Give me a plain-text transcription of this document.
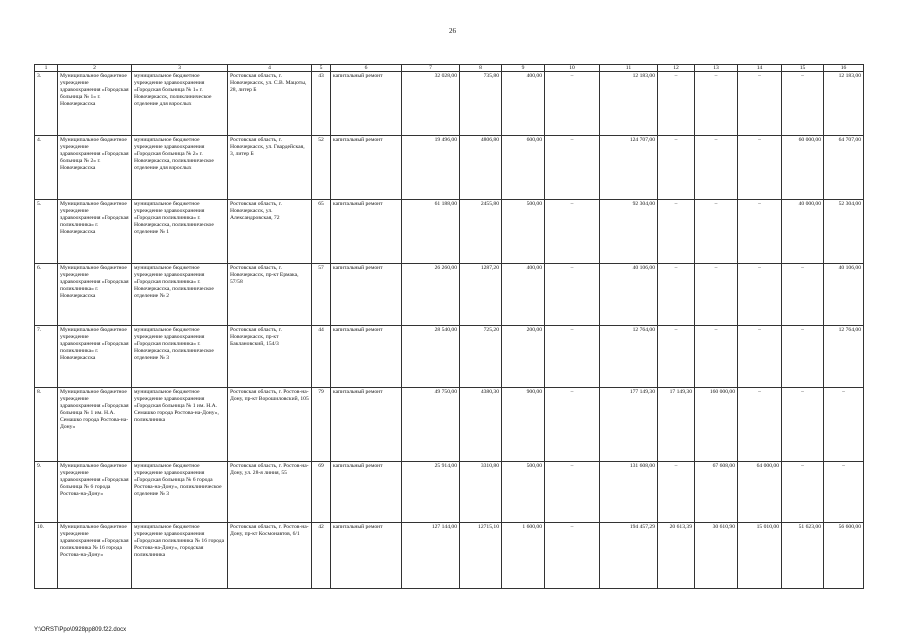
26
1	2	3	4	5	6	7	8	9	10	11	12	13	14	15	16
3.	Муниципальное бюджетное учреждение здравоохранения «Городская больница № 1» г. Новочеркасска	муниципальное бюджетное учреждение здравоохранения «Городская больница № 1» г. Новочеркасск, поликлиническое отделение для взрослых	Ростовская область, г. Новочеркасск, ул. С.В. Мацоты, 28, литер Б	43	капитальный ремонт	32 028,00	735,80	400,00	–	12 183,00	–	–	–	–	12 183,00
4.	Муниципальное бюджетное учреждение здравоохранения «Городская больница № 2» г. Новочеркасска	муниципальное бюджетное учреждение здравоохранения «Городская больница № 2» г. Новочеркасска, поликлиническое отделение для взрослых	Ростовская область, г. Новочеркасск, ул. Гвардейская, 3, литер Б	52	капитальный ремонт	19 496,00	4806,80	600,00	–	124 707,00	–	–	–	60 000,00	64 707,00
5.	Муниципальное бюджетное учреждение здравоохранения «Городская поликлиника» г. Новочеркасска	муниципальное бюджетное учреждение здравоохранения «Городская поликлиника» г. Новочеркасска, поликлиническое отделение № 1	Ростовская область, г. Новочеркасск, ул. Александровская, 72	65	капитальный ремонт	61 188,00	2455,80	500,00	–	92 304,00	–	–	–	40 000,00	52 304,00
6.	Муниципальное бюджетное учреждение здравоохранения «Городская поликлиника» г. Новочеркасска	муниципальное бюджетное учреждение здравоохранения «Городская поликлиника» г. Новочеркасска, поликлиническое отделение № 2	Ростовская область, г. Новочеркасск, пр-кт Ермака, 57/58	57	капитальный ремонт	26 260,00	1287,20	400,00	–	40 106,00	–	–	–	–	40 106,00
7.	Муниципальное бюджетное учреждение здравоохранения «Городская поликлиника» г. Новочеркасска	муниципальное бюджетное учреждение здравоохранения «Городская поликлиника» г. Новочеркасска, поликлиническое отделение № 3	Ростовская область, г. Новочеркасск, пр-кт Баклановский, 154/3	44	капитальный ремонт	28 540,00	725,20	200,00	–	12 764,00	–	–	–	–	12 764,00
8.	Муниципальное бюджетное учреждение здравоохранения «Городская больница № 1 им. Н.А. Семашко города Ростова-на-Дону»	муниципальное бюджетное учреждение здравоохранения «Городская больница № 1 им. Н.А. Семашко города Ростова-на-Дону», поликлиника	Ростовская область, г. Ростов-на-Дону, пр-кт Ворошиловский, 105	79	капитальный ремонт	49 750,00	4380,30	900,00	–	177 149,30	17 149,30	160 000,00	–	–	–
9.	Муниципальное бюджетное учреждение здравоохранения «Городская больница № 6 города Ростова-на-Дону»	муниципальное бюджетное учреждение здравоохранения «Городская больница № 6 города Ростова-на-Дону», поликлиническое отделение № 3	Ростовская область, г. Ростов-на-Дону, ул. 28-я линия, 55	69	капитальный ремонт	25 914,00	3310,80	500,00	–	131 608,00	–	67 608,00	64 000,00	–	–
10.	Муниципальное бюджетное учреждение здравоохранения «Городская поликлиника № 16 города Ростова-на-Дону»	муниципальное бюджетное учреждение здравоохранения «Городская поликлиника № 16 города Ростова-на-Дону», городская поликлиника	Ростовская область, г. Ростов-на-Дону, пр-кт Космонавтов, 6/1	42	капитальный ремонт	127 144,00	12715,10	1 600,00	–	194 457,29	20 613,39	30 610,90	15 010,00	51 623,00	56 600,00
Y:\ORST\Ppo\0928pp809.f22.docx
